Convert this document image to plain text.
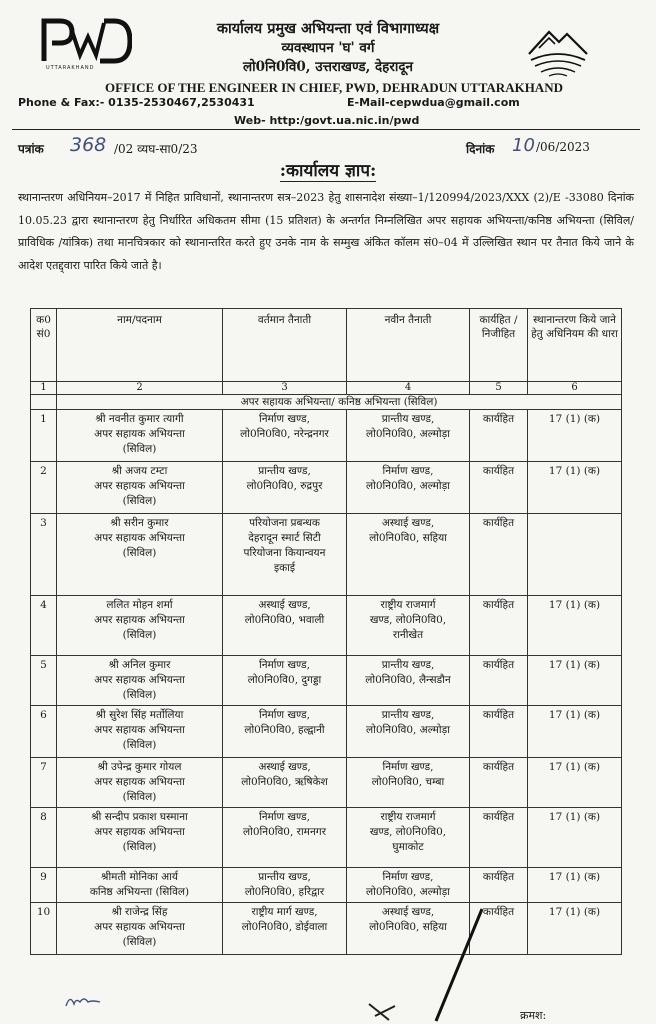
UTTARAKHAND
कार्यालय प्रमुख अभियन्ता एवं विभागाध्यक्ष
व्यवस्थापन 'घ' वर्ग
लो0नि0वि0, उत्तराखण्ड, देहरादून
OFFICE OF THE ENGINEER IN CHIEF, PWD, DEHRADUN UTTARAKHAND
Phone & Fax:- 0135-2530467,2530431	E-Mail-cepwdua@gmail.com
Web- http:/govt.ua.nic.in/pwd
पत्रांक 368 /02 व्यघ-सा0/23	दिनांक 10 /06/2023
:कार्यालय ज्ञाप:
स्थानान्तरण अधिनियम–2017 में निहित प्राविधानों, स्थानान्तरण सत्र–2023 हेतु शासनादेश संख्या–1/120994/2023/XXX (2)/E -33080 दिनांक 10.05.23 द्वारा स्थानान्तरण हेतु निर्धारित अधिकतम सीमा (15 प्रतिशत) के अन्तर्गत निम्नलिखित अपर सहायक अभियन्ता/कनिष्ठ अभियन्ता (सिविल/प्राविधिक /यांत्रिक) तथा मानचित्रकार को स्थानान्तरित करते हुए उनके नाम के सम्मुख अंकित कॉलम सं0–04 में उल्लिखित स्थान पर तैनात किये जाने के आदेश एतद्द्वारा पारित किये जाते है।
क0 सं0	नाम/पदनाम	वर्तमान तैनाती	नवीन तैनाती	कार्यहित / निजीहित	स्थानान्तरण किये जाने हेतु अधिनियम की धारा
1	2	3	4	5	6
	अपर सहायक अभियन्ता/ कनिष्ठ अभियन्ता (सिविल)				
1	श्री नवनीत कुमार त्यागी
अपर सहायक अभियन्ता
(सिविल)	निर्माण खण्ड,
लो0नि0वि0, नरेन्द्रनगर	प्रान्तीय खण्ड,
लो0नि0वि0, अल्मोड़ा	कार्यहित	17 (1) (क)
2	श्री अजय टम्टा
अपर सहायक अभियन्ता
(सिविल)	प्रान्तीय खण्ड,
लो0नि0वि0, रुद्रपुर	निर्माण खण्ड,
लो0नि0वि0, अल्मोड़ा	कार्यहित	17 (1) (क)
3	श्री सरीन कुमार
अपर सहायक अभियन्ता
(सिविल)	परियोजना प्रबन्धक
देहरादून स्मार्ट सिटी
परियोजना कियान्वयन
इकाई	अस्थाई खण्ड,
लो0नि0वि0, सहिया	कार्यहित	
4	ललित मोहन शर्मा
अपर सहायक अभियन्ता
(सिविल)	अस्थाई खण्ड,
लो0नि0वि0, भवाली	राष्ट्रीय राजमार्ग
खण्ड, लो0नि0वि0,
रानीखेत	कार्यहित	17 (1) (क)
5	श्री अनिल कुमार
अपर सहायक अभियन्ता
(सिविल)	निर्माण खण्ड,
लो0नि0वि0, दुगड्डा	प्रान्तीय खण्ड,
लो0नि0वि0, लैन्सडौन	कार्यहित	17 (1) (क)
6	श्री सुरेश सिंह मर्तोलिया
अपर सहायक अभियन्ता
(सिविल)	निर्माण खण्ड,
लो0नि0वि0, हल्द्वानी	प्रान्तीय खण्ड,
लो0नि0वि0, अल्मोड़ा	कार्यहित	17 (1) (क)
7	श्री उपेन्द्र कुमार गोयल
अपर सहायक अभियन्ता
(सिविल)	अस्थाई खण्ड,
लो0नि0वि0, ऋषिकेश	निर्माण खण्ड,
लो0नि0वि0, चम्बा	कार्यहित	17 (1) (क)
8	श्री सन्दीप प्रकाश घस्माना
अपर सहायक अभियन्ता
(सिविल)	निर्माण खण्ड,
लो0नि0वि0, रामनगर	राष्ट्रीय राजमार्ग
खण्ड, लो0नि0वि0,
घुमाकोट	कार्यहित	17 (1) (क)
9	श्रीमती मोनिका आर्य
कनिष्ठ अभियन्ता (सिविल)	प्रान्तीय खण्ड,
लो0नि0वि0, हरिद्वार	निर्माण खण्ड,
लो0नि0वि0, अल्मोड़ा	कार्यहित	17 (1) (क)
10	श्री राजेन्द्र सिंह
अपर सहायक अभियन्ता
(सिविल)	राष्ट्रीय मार्ग खण्ड,
लो0नि0वि0, डोईवाला	अस्थाई खण्ड,
लो0नि0वि0, सहिया	कार्यहित	17 (1) (क)
क्रमश:
